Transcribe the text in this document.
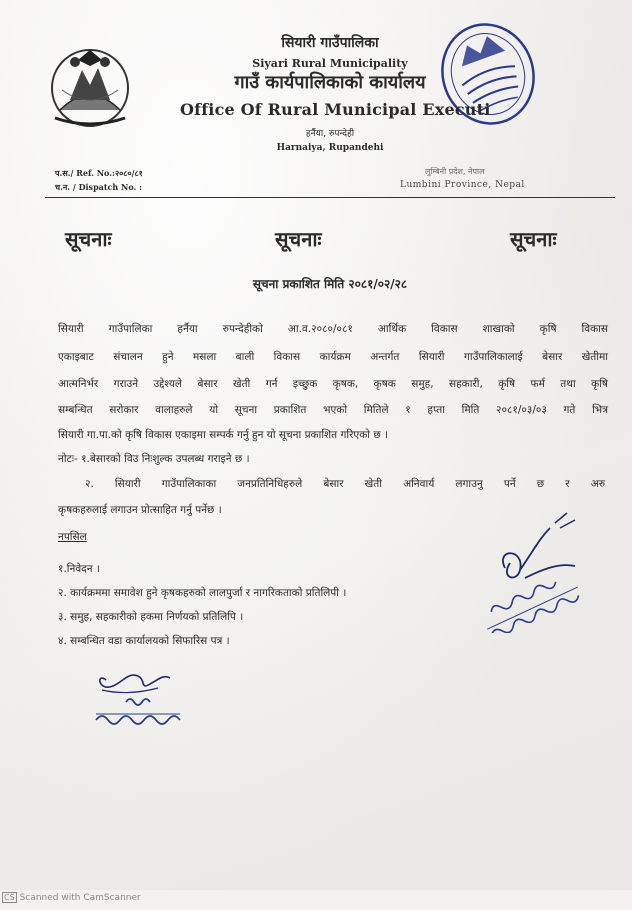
सियारी गाउँपालिका
Siyari Rural Municipality
गाउँ कार्यपालिकाको कार्यालय
Office Of Rural Municipal Executi
हर्नैया, रुपन्देही
Harnaiya, Rupandehi
प.स./ Ref. No.:२०८०/८१
च.न. / Dispatch No. :
लुम्बिनी प्रदेश, नेपाल
Lumbini Province, Nepal
सूचनाः	सूचनाः	सूचनाः
सूचना प्रकाशित मिति २०८१/०२/२८
सियारी गाउँपालिका हर्नैया रुपन्देहीको आ.व.२०८०/०८१ आर्थिक विकास शाखाको कृषि विकास
एकाइबाट संचालन हुने मसला बाली विकास कार्यक्रम अन्तर्गत सियारी गाउँपालिकालाई बेसार खेतीमा
आत्मनिर्भर गराउने उद्देश्यले बेसार खेती गर्न इच्छुक कृषक, कृषक समुह, सहकारी, कृषि फर्म तथा कृषि
सम्बन्धित सरोकार वालाहरुले यो सूचना प्रकाशित भएको मितिले १ हप्ता मिति २०८१/०३/०३ गते भित्र
सियारी गा.पा.को कृषि विकास एकाइमा सम्पर्क गर्नु हुन यो सूचना प्रकाशित गरिएको छ ।
नोटः- १.बेसारको विउ निःशुल्क उपलब्ध गराइने छ ।
२. सियारी गाउँपालिकाका जनप्रतिनिधिहरुले बेसार खेती अनिवार्य लगाउनु पर्ने छ र अरु
कृषकहरुलाई लगाउन प्रोत्साहित गर्नु पर्नेछ ।
नपसिल
१.निवेदन ।
२. कार्यक्रममा समावेश हुने कृषकहरुको लालपुर्जा र नागरिकताको प्रतिलिपी ।
३. समुह, सहकारीको हकमा निर्णयको प्रतिलिपि ।
४. सम्बन्धित वडा कार्यालयको सिफारिस पत्र ।
CS Scanned with CamScanner
